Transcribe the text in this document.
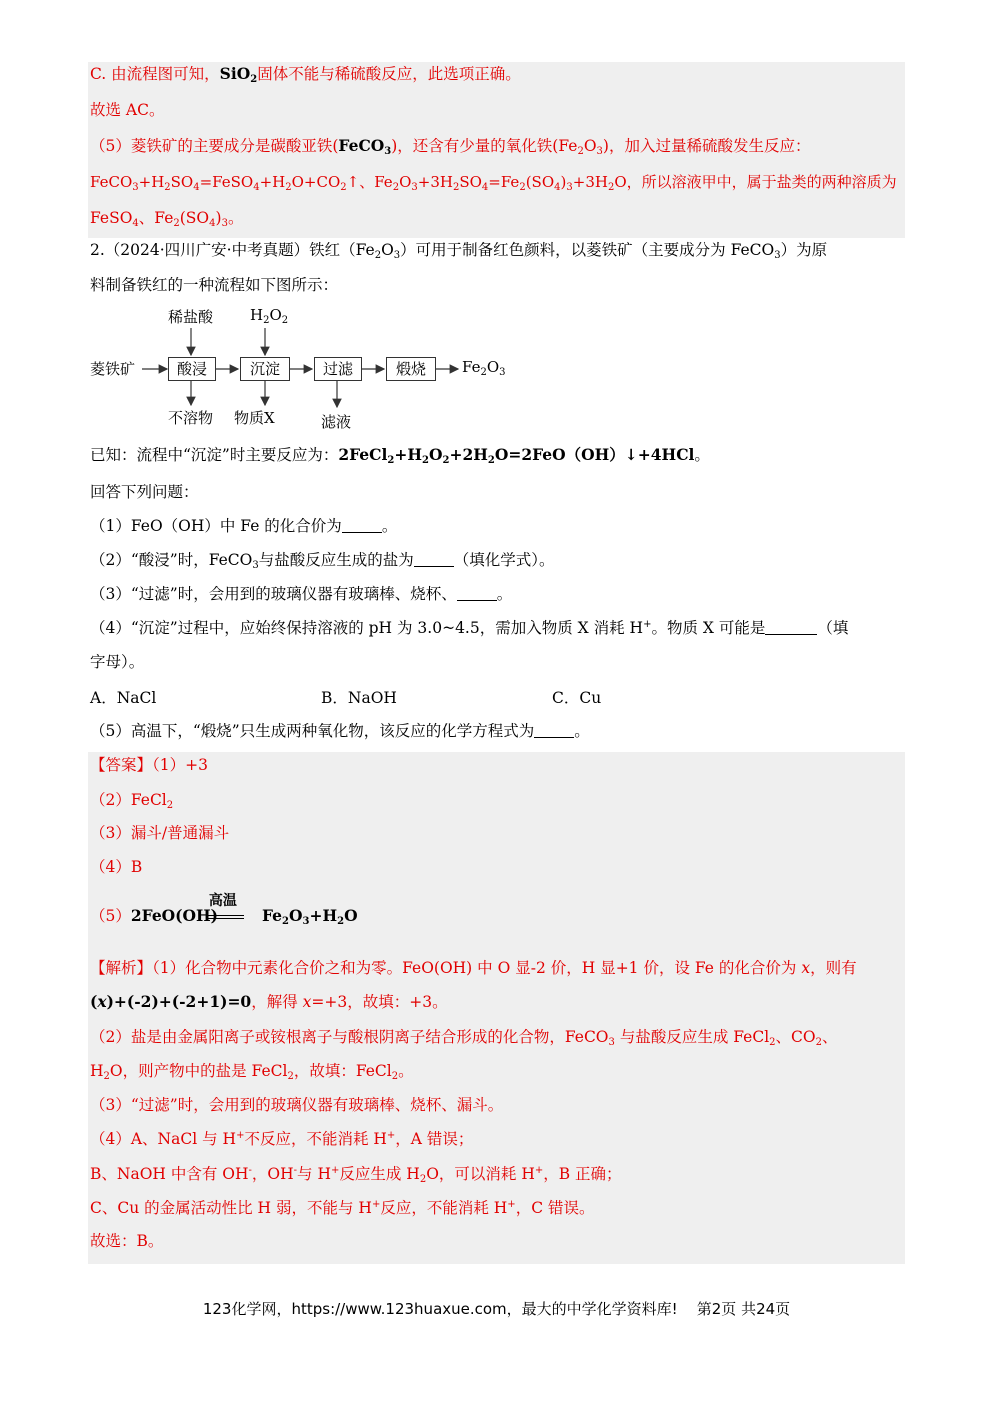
C. 由流程图可知，SiO$_2$固体不能与稀硫酸反应，此选项正确。
故选 AC。
（5）菱铁矿的主要成分是碳酸亚铁(FeCO$_3$)，还含有少量的氧化铁$(Fe_2O_3)$，加入过量稀硫酸发生反应：
$FeCO_3+H_2SO_4=FeSO_4+H_2O+CO_2↑$、$Fe_2O_3+3H_2SO_4=Fe_2(SO_4)_3+3H_2O$，所以溶液甲中，属于盐类的两种溶质为
FeSO$_4$、$Fe_2(SO_4)_3$。
2.（2024·四川广安·中考真题）铁红$(Fe_2O_3)$可用于制备红色颜料，以菱铁矿（主要成分为 FeCO$_3$）为原
料制备铁红的一种流程如下图所示：
菱铁矿	酸浸	沉淀	过滤	煅烧	$Fe_2O_3$
稀盐酸 $H_2O_2$
不溶物 物质X	滤液
已知：流程中“沉淀”时主要反应为：$2FeCl_2+H_2O_2+2H_2O=2FeO(OH)↓+4HCl$。
回答下列问题：
（1）FeO（OH）中 Fe 的化合价为	。
（2）“酸浸”时，FeCO$_3$与盐酸反应生成的盐为	（填化学式）。
（3）“过滤”时，会用到的玻璃仪器有玻璃棒、烧杯、	。
（4）“沉淀”过程中，应始终保持溶液的 pH 为 3.0~4.5，需加入物质 X 消耗 H+。物质 X 可能是	（填
字母）。
A．NaCl	B．NaOH	C．Cu
（5）高温下，“煅烧”只生成两种氧化物，该反应的化学方程式为	。
【答案】（1）+3
（2）FeCl$_2$
（3）漏斗/普通漏斗
（4）B
（5）2FeO(OH)
高温
$Fe_2O_3+H_2O$
【解析】（1）化合物中元素化合价之和为零。FeO(OH) 中 O 显-2 价，H 显+1 价，设 Fe 的化合价为 x，则有
(x)+(-2)+(-2+1)=0，解得 x=+3，故填：+3。
（2）盐是由金属阳离子或铵根离子与酸根阴离子结合形成的化合物，FeCO$_3$ 与盐酸反应生成 FeCl$_2$、$CO_2$、
$H_2O$，则产物中的盐是 FeCl$_2$，故填：FeCl$_2$。
（3）“过滤”时，会用到的玻璃仪器有玻璃棒、烧杯、漏斗。
（4）A、NaCl 与 H+不反应，不能消耗 H+，A 错误；
B、NaOH 中含有 OH-，OH-与 H+反应生成 $H_2O$，可以消耗 H+，B 正确；
C、Cu 的金属活动性比 H 弱，不能与 H+反应，不能消耗 H+，C 错误。
故选：B。
123化学网，https://www.123huaxue.com，最大的中学化学资料库!    第2页 共24页
